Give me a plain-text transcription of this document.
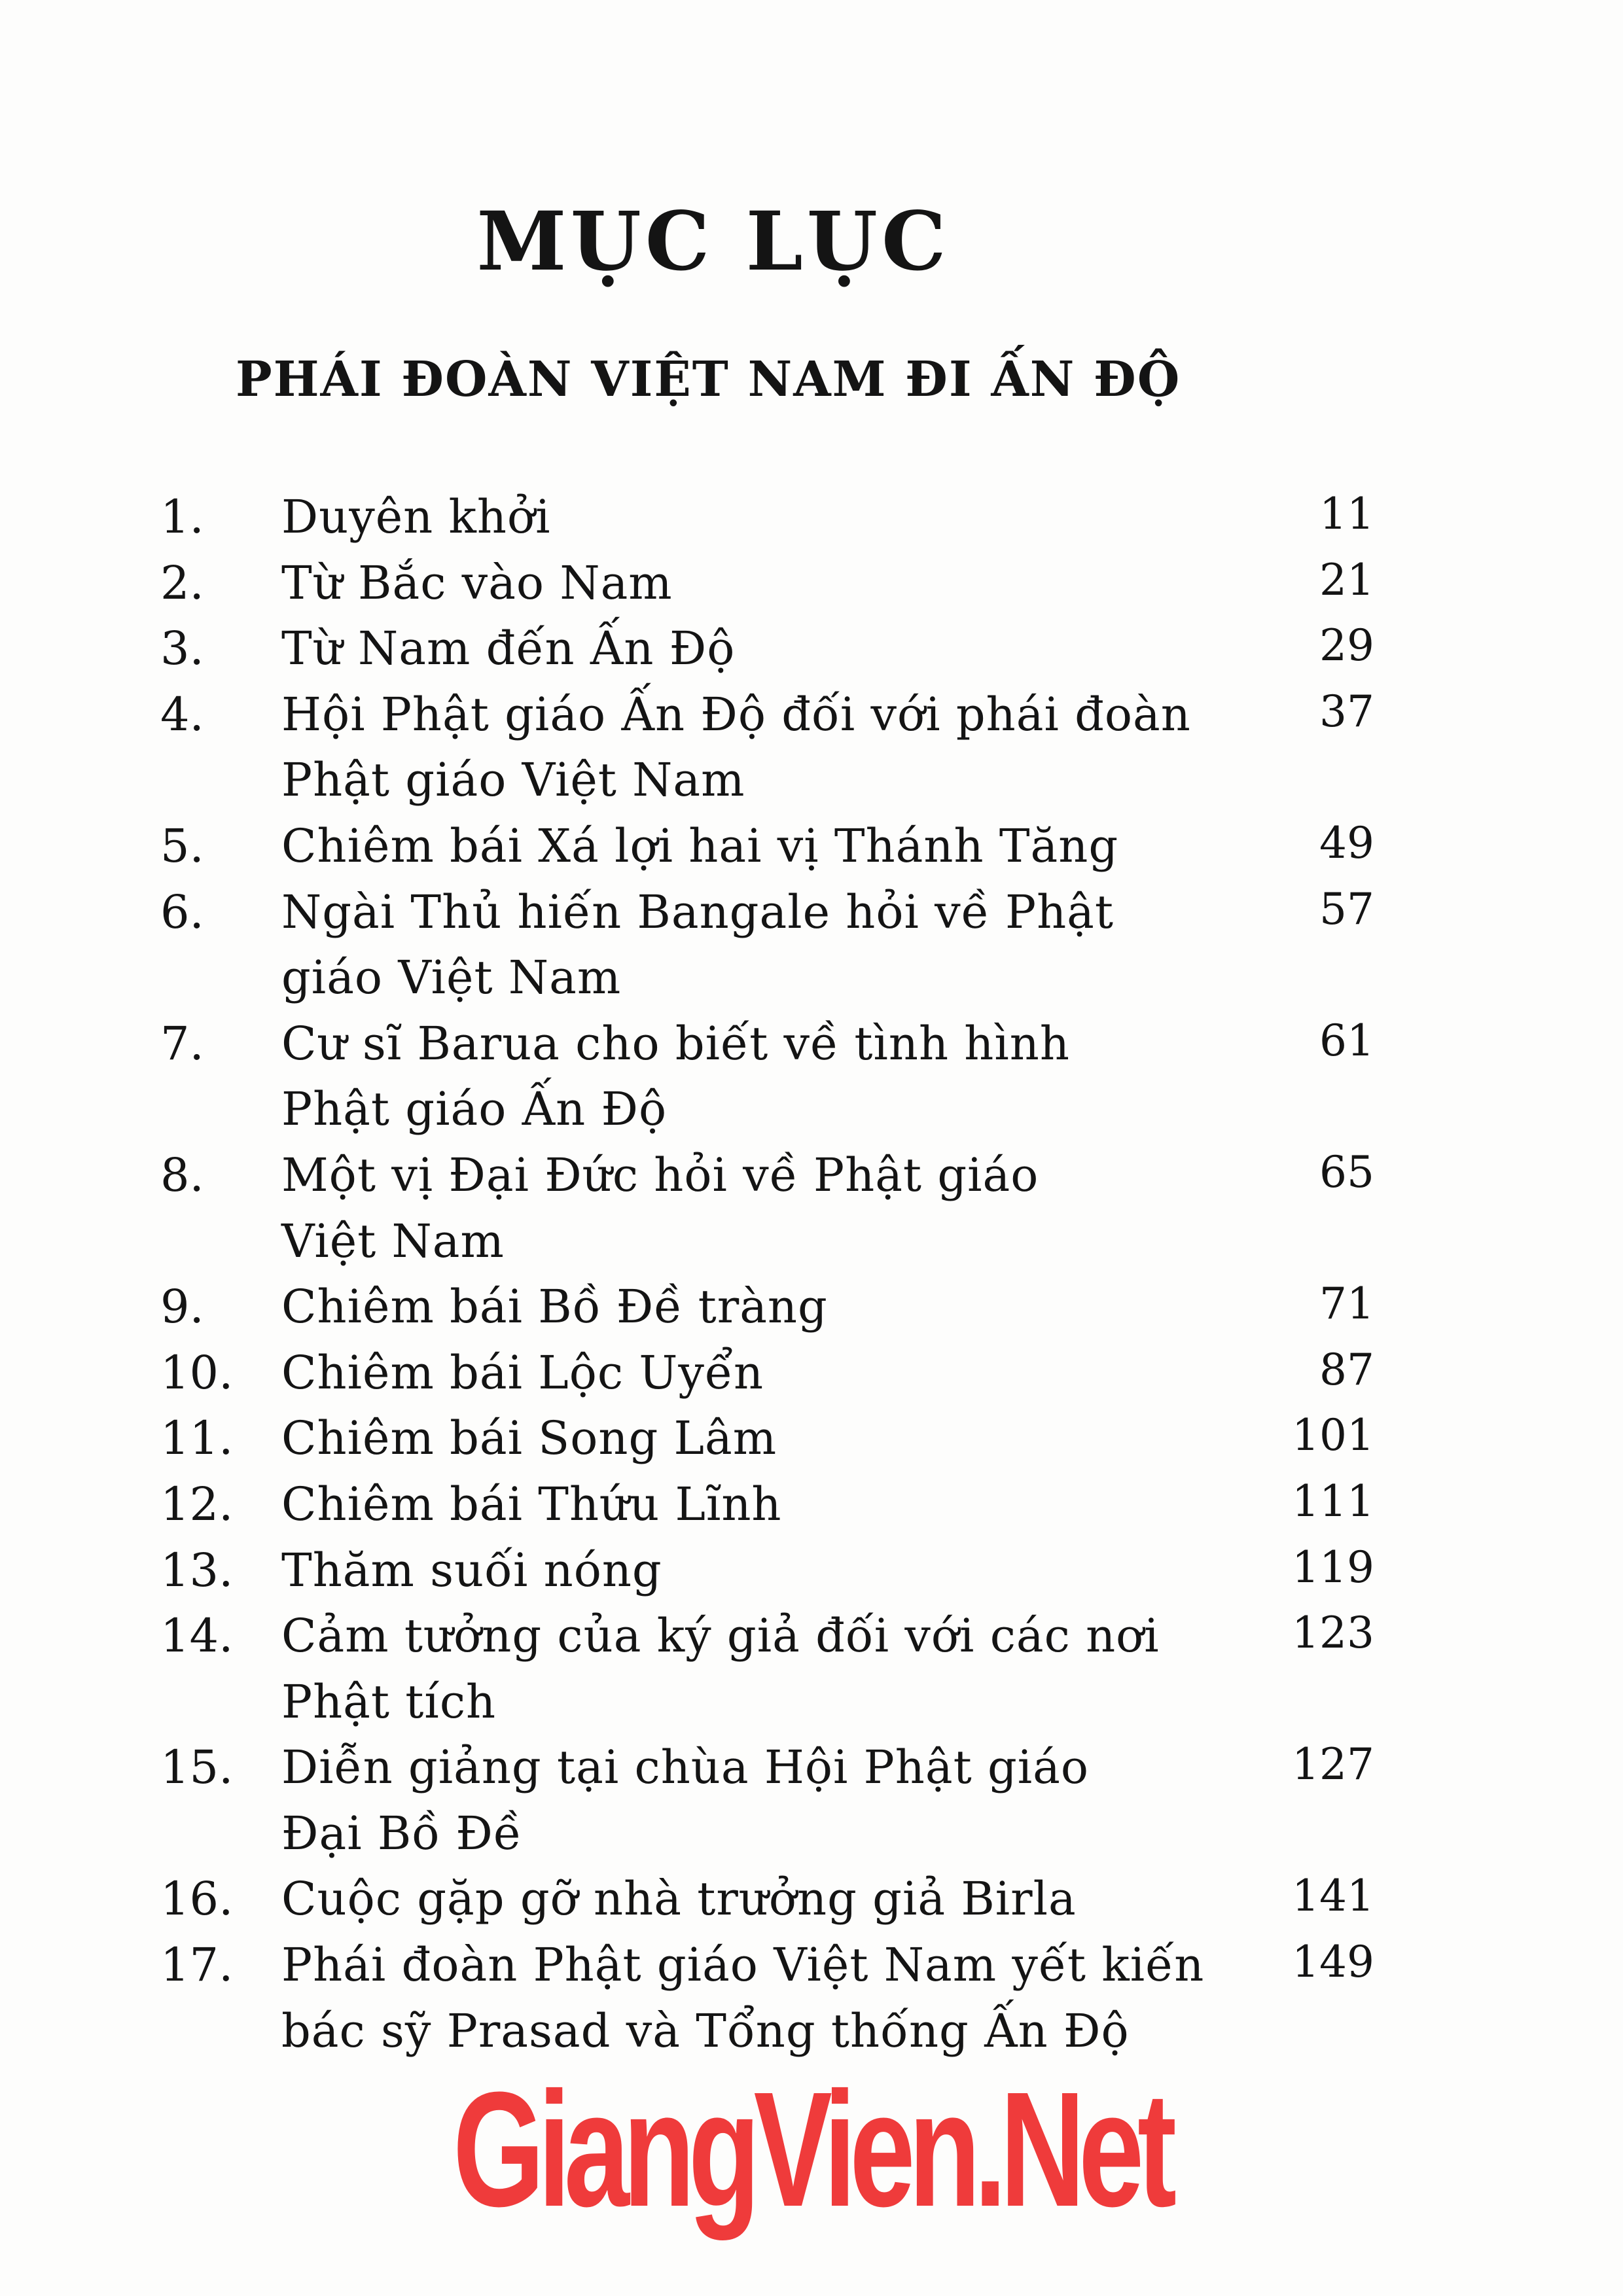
MỤC LỤC
PHÁI ĐOÀN VIỆT NAM ĐI ẤN ĐỘ
1. Duyên khởi	11
2. Từ Bắc vào Nam	21
3. Từ Nam đến Ấn Độ	29
4. Hội Phật giáo Ấn Độ đối với phái đoàn
Phật giáo Việt Nam
37
5. Chiêm bái Xá lợi hai vị Thánh Tăng	49
6. Ngài Thủ hiến Bangale hỏi về Phật
giáo Việt Nam
57
7. Cư sĩ Barua cho biết về tình hình
Phật giáo Ấn Độ
61
8. Một vị Đại Đức hỏi về Phật giáo
Việt Nam
65
9. Chiêm bái Bồ Đề tràng	71
10. Chiêm bái Lộc Uyển	87
11. Chiêm bái Song Lâm	101
12. Chiêm bái Thứu Lĩnh	111
13. Thăm suối nóng	119
14. Cảm tưởng của ký giả đối với các nơi
Phật tích
123
15. Diễn giảng tại chùa Hội Phật giáo
Đại Bồ Đề
127
16. Cuộc gặp gỡ nhà trưởng giả Birla	141
17. Phái đoàn Phật giáo Việt Nam yết kiến
bác sỹ Prasad và Tổng thống Ấn Độ
149
GiangVien.Net
